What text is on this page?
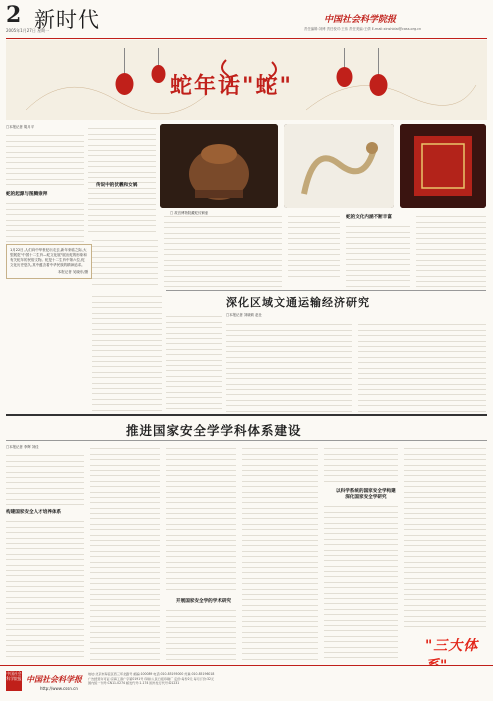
2
2005年1月27日 星期一
新时代	中国社会科学院报
责任编辑:刘博 责任校对:王伟 责任美编:王倩 E-mail:xinshidai@cass.org.cn
蛇年话"蛇"
□本报记者 胡月平
蛇的起源与图腾崇拜
传说中的伏羲和女娲
□ 故宫博物院藏蛇纹铜壶
1月22日,人们向中华世纪坛走去,新年来临之际,大型展览"中国十二生肖—蛇文化展"展出蛇的形象和有关蛇年的民俗文物。蛇是十二生肖中第六位,蛇文化历史悠久,其中蕴含着中华民族的精神追求。
本报记者 吴晓东/摄
蛇的文化内涵不断丰富
深化区域文通运输经济研究
□本报记者 刘晓莉 赵仕
推进国家安全学学科体系建设
□本报记者 李辉 刘佳
构建国家安全人才培养体系
开展国家安全学的学术研究
以科学系统的国家安全学构建
深化国家安全学研究
"三大体
中国社会科学院报 中国社会科学报
http://www.cssn.cn
地址:北京市海淀区西三环北路号 邮编:100089 电话:010-85195000 传真:010-85196018
广告经营许可证:京海工商广字第0191号 印刷:人民日报印刷厂 定价:每份2元 每月订价:32元
国内统一刊号:CN11-0274 邮发代号:1-174 国外发行代号:D1231
